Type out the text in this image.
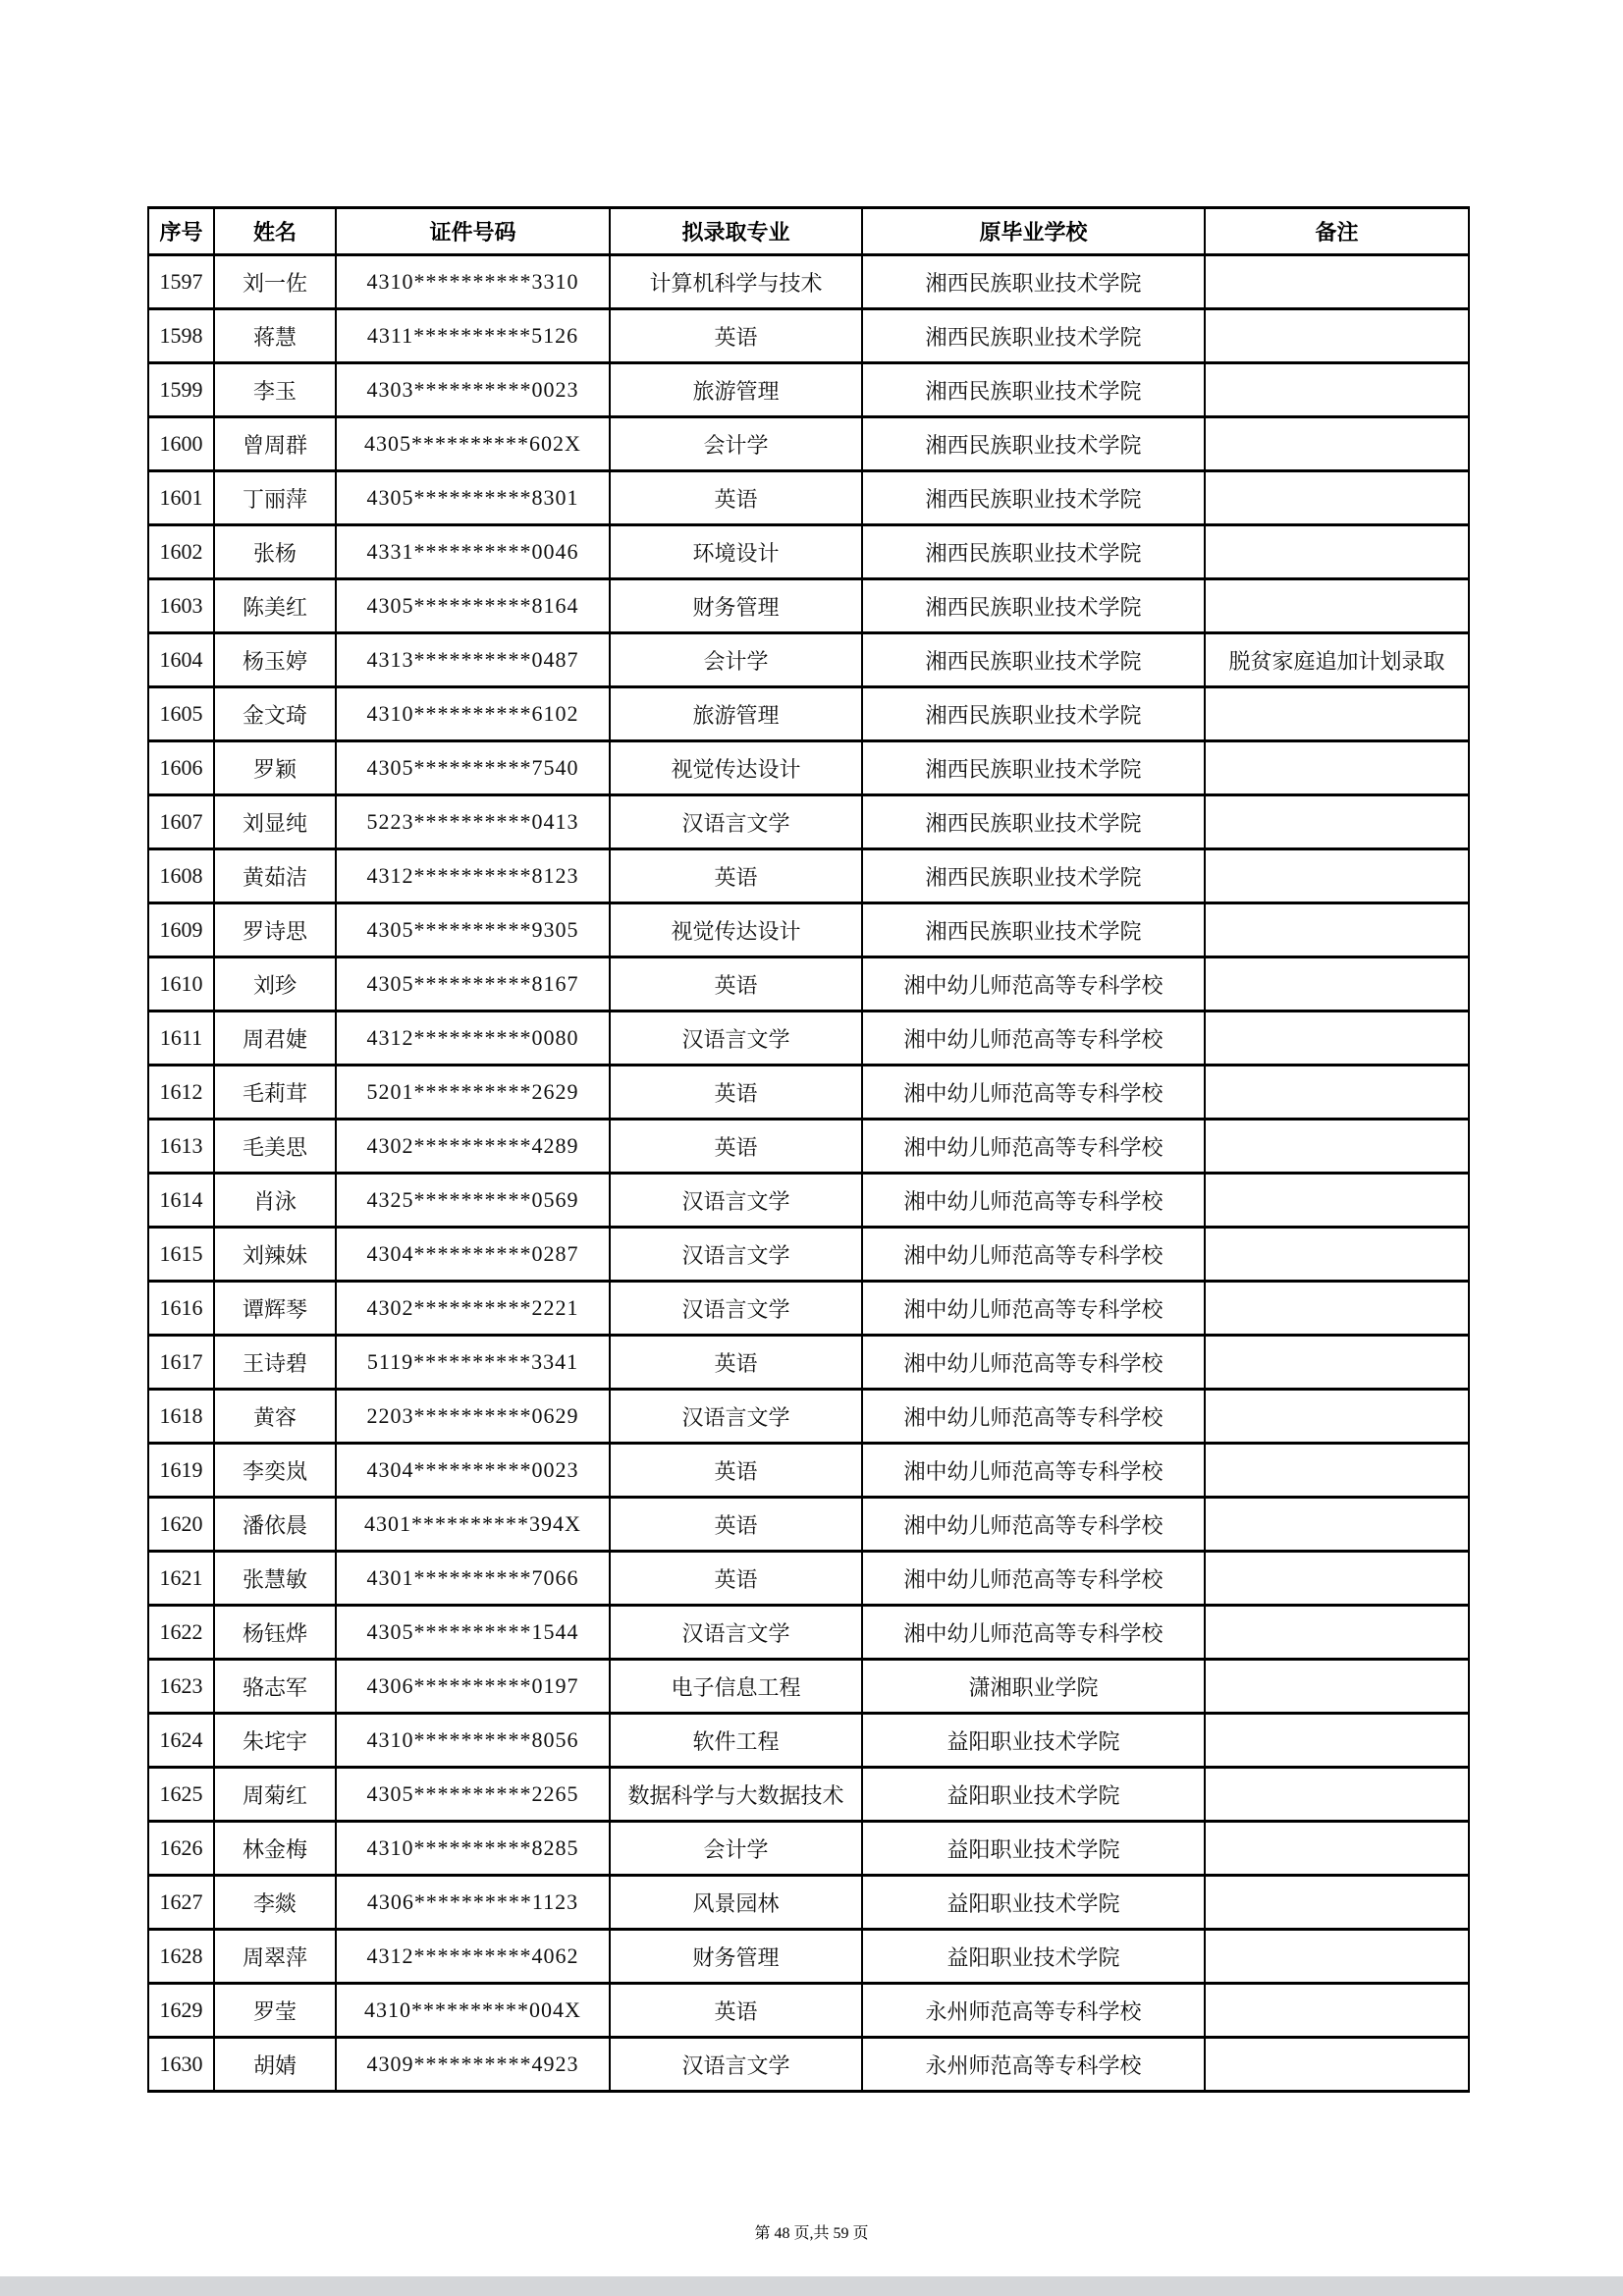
序号	姓名	证件号码	拟录取专业	原毕业学校	备注
1597	刘一佐	4310**********3310	计算机科学与技术	湘西民族职业技术学院	
1598	蒋慧	4311**********5126	英语	湘西民族职业技术学院	
1599	李玉	4303**********0023	旅游管理	湘西民族职业技术学院	
1600	曾周群	4305**********602X	会计学	湘西民族职业技术学院	
1601	丁丽萍	4305**********8301	英语	湘西民族职业技术学院	
1602	张杨	4331**********0046	环境设计	湘西民族职业技术学院	
1603	陈美红	4305**********8164	财务管理	湘西民族职业技术学院	
1604	杨玉婷	4313**********0487	会计学	湘西民族职业技术学院	脱贫家庭追加计划录取
1605	金文琦	4310**********6102	旅游管理	湘西民族职业技术学院	
1606	罗颖	4305**********7540	视觉传达设计	湘西民族职业技术学院	
1607	刘显纯	5223**********0413	汉语言文学	湘西民族职业技术学院	
1608	黄茹洁	4312**********8123	英语	湘西民族职业技术学院	
1609	罗诗思	4305**********9305	视觉传达设计	湘西民族职业技术学院	
1610	刘珍	4305**********8167	英语	湘中幼儿师范高等专科学校	
1611	周君婕	4312**********0080	汉语言文学	湘中幼儿师范高等专科学校	
1612	毛莉茸	5201**********2629	英语	湘中幼儿师范高等专科学校	
1613	毛美思	4302**********4289	英语	湘中幼儿师范高等专科学校	
1614	肖泳	4325**********0569	汉语言文学	湘中幼儿师范高等专科学校	
1615	刘辣妹	4304**********0287	汉语言文学	湘中幼儿师范高等专科学校	
1616	谭辉琴	4302**********2221	汉语言文学	湘中幼儿师范高等专科学校	
1617	王诗碧	5119**********3341	英语	湘中幼儿师范高等专科学校	
1618	黄容	2203**********0629	汉语言文学	湘中幼儿师范高等专科学校	
1619	李奕岚	4304**********0023	英语	湘中幼儿师范高等专科学校	
1620	潘依晨	4301**********394X	英语	湘中幼儿师范高等专科学校	
1621	张慧敏	4301**********7066	英语	湘中幼儿师范高等专科学校	
1622	杨钰烨	4305**********1544	汉语言文学	湘中幼儿师范高等专科学校	
1623	骆志军	4306**********0197	电子信息工程	潇湘职业学院	
1624	朱垞宇	4310**********8056	软件工程	益阳职业技术学院	
1625	周菊红	4305**********2265	数据科学与大数据技术	益阳职业技术学院	
1626	林金梅	4310**********8285	会计学	益阳职业技术学院	
1627	李燚	4306**********1123	风景园林	益阳职业技术学院	
1628	周翠萍	4312**********4062	财务管理	益阳职业技术学院	
1629	罗莹	4310**********004X	英语	永州师范高等专科学校	
1630	胡婧	4309**********4923	汉语言文学	永州师范高等专科学校	
第 48 页,共 59 页
